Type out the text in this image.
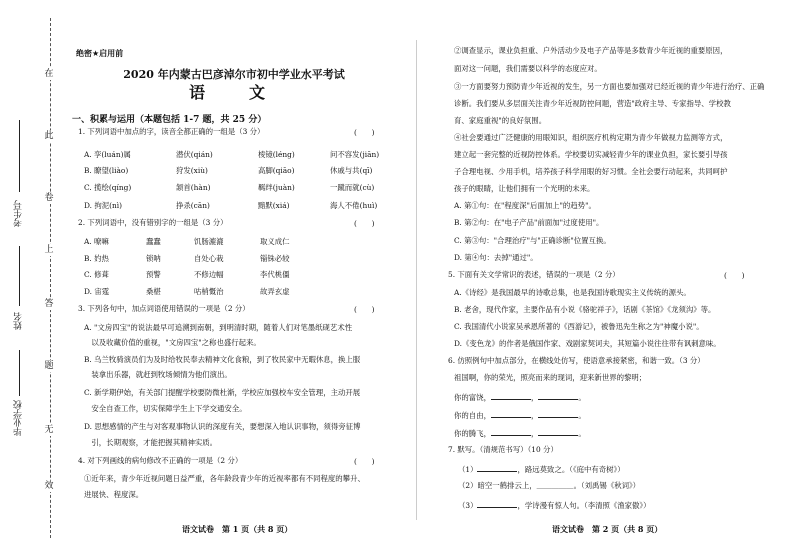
在
此
卷
上
答
题
无
效
考生号
姓名
毕业学校
绝密★启用前
2020 年内蒙古巴彦淖尔市初中学业水平考试
语　文
一、积累与运用（本题包括 1-7 题，共 25 分）
1. 下列词语中加点的字，读音全都正确的一组是（3 分）	(　　)
A. 孪(luán)属	潜伏(qián)	棱镜(léng)	问不容发(jiān)
B. 瞭望(liào)	狩发(xiù)	高脚(qiāo)	休戚与共(qī)
C. 揽绘(qíng)	颔首(hàn)	羁绊(juàn)	一蹴而就(cù)
D. 拘泥(nì)	挣杀(cān)	黯默(xiá)	海人不倦(huì)
2. 下列词语中，没有错别字的一组是（3 分）	(　　)
A. 嘹嘛	蠢蠢	饥肠漉漉	取义成仁
B. 妁热	锁呐	自处心栽	锱铢必较
C. 修葺	预警	不修边幅	李代桃僵
D. 宙霆	桑椹	咕梢慨治	故弄玄虚
3. 下列各句中，加点词语使用错误的一项是（2 分）	(　　)
A. "文房四宝"的说法最早可追溯到南朝，到明清时期，随着人们对笔墨纸砚艺术性
　以及收藏价值的重视，"文房四宝"之称也盛行起来。
B. 乌兰牧骑演员们为及时给牧民奉去精神文化食粮，到了牧民家中无暇休息，换上服
　装拿出乐器，就赶到牧场倾情为他们演出。
C. 新学期伊始，有关部门提醒学校要防微杜渐，学校应加强校车安全管理，主动开展
　安全自查工作，切实保障学生上下学交通安全。
D. 思想感情的产生与对客观事物认识的深度有关，要想深入地认识事物，须得旁征博
　引，长期观察，才能把握其精神实质。
4. 对下列画线的病句修改不正确的一项是（2 分）	(　　)
①近年来，青少年近视问题日益严重，各年龄段青少年的近视率都有不同程度的攀升、
进展快、程度深。
语文试卷　第 1 页（共 8 页）
②调查显示，课业负担重、户外活动少及电子产品等是多数青少年近视的重要原因，
面对这一问题，我们需要以科学的态度应对。
③一方面要努力预防青少年近视的发生，另一方面也要加强对已经近视的青少年进行治疗、正确
诊断。我们要从多层面关注青少年近视防控问题，营造"政府主导、专家指导、学校教
育、家庭重视"的良好氛围。
④社会要通过广泛健康的用眼知识，组织医疗机构定期为青少年做视力监测等方式，
建立起一套完整的近视防控体系。学校要切实减轻青少年的课业负担，家长要引导孩
子合理电视、少用手机，培养孩子科学用眼的好习惯。全社会要行动起来，共同呵护
孩子的眼睛，让他们拥有一个光明的未来。
A. 第①句：在"程度深"后面加上"的趋势"。
B. 第②句：在"电子产品"前面加"过度使用"。
C. 第③句："合理治疗"与"正确诊断"位置互换。
D. 第④句：去掉"通过"。
5. 下面有关文学常识的表述，错误的一项是（2 分）	(　　)
A.《诗经》是我国最早的诗歌总集，也是我国诗歌现实主义传统的源头。
B. 老舍，现代作家，主要作品有小说《骆驼祥子》，话剧《茶馆》《龙须沟》等。
C. 我国清代小说家吴承恩所著的《西游记》，被鲁迅先生称之为"神魔小说"。
D.《变色龙》的作者是俄国作家、戏剧家契诃夫，其短篇小说往往带有讽刺意味。
6. 仿照例句中加点部分，在横线处仿写，使语意承接紧密，和谐一致。（3 分）
祖国啊，你的荣光，照亮而来的现词，迎来新世界的黎明；
你的富饶，	，	。
你的自由，	，	。
你的腾飞，	，	。
7. 默写。（清规范书写）（10 分）
（1）	，路远莫致之。（《庭中有奇树》）
（2）暗空一鹤排云上，＿＿＿＿＿。（刘禹锡《秋词》）
（3）	，学诗漫有惊人句。（李清照《渔家傲》）
语文试卷　第 2 页（共 8 页）
